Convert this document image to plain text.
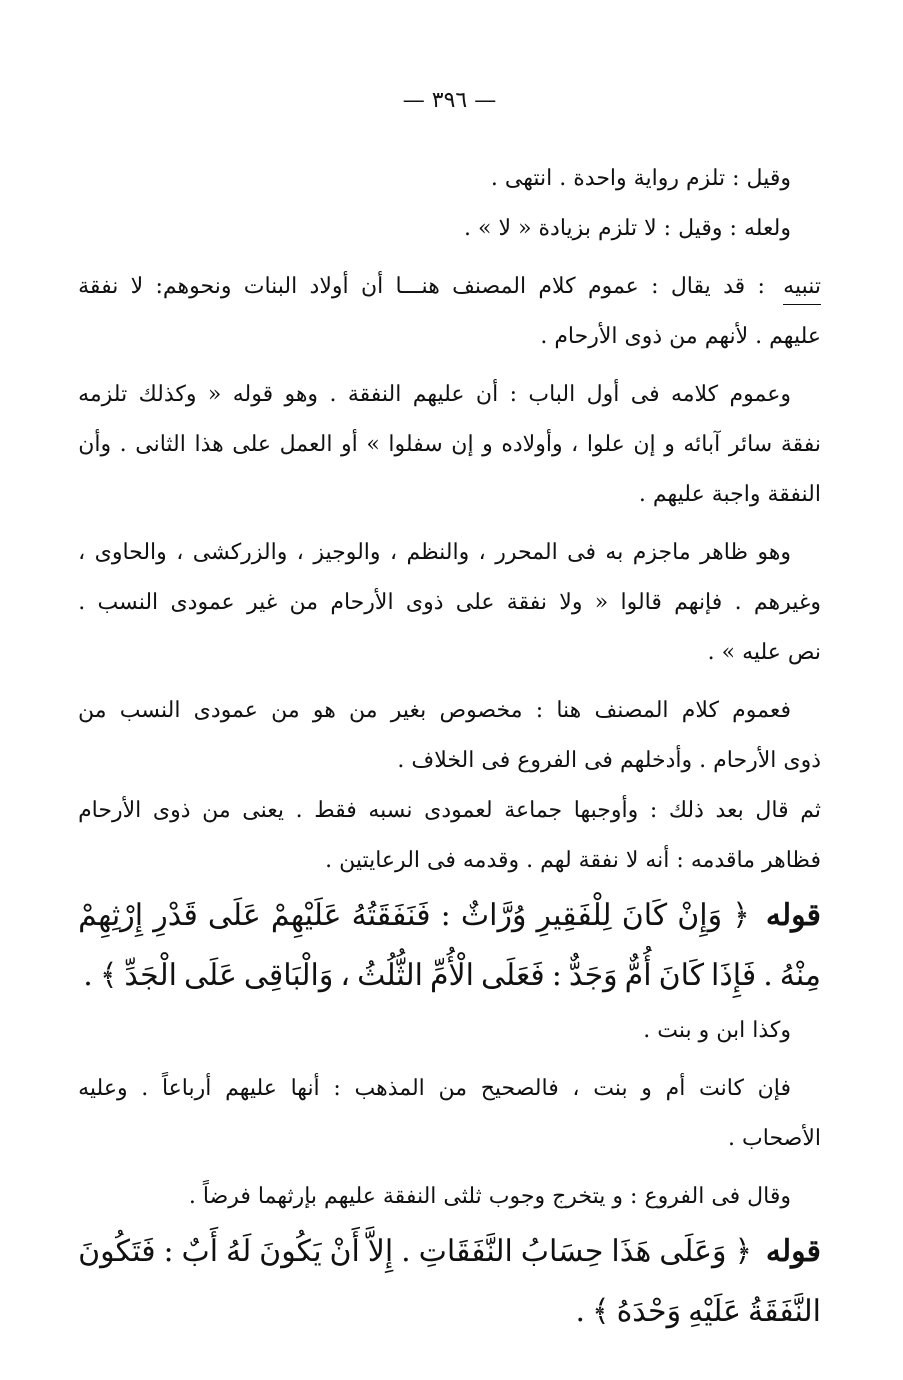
— ٣٩٦ —
وقيل
:
تلزم
رواية
واحدة
.
انتهى
.
ولعله
:
وقيل
:
لا
تلزم
بزيادة
«
لا
»
.
تنبيه
:
قد
يقال
:
عموم
كلام
المصنف
هنـــا
أن
أولاد
البنات
ونحوهم:
لا
نفقة
عليهم
.
لأنهم
من
ذوى
الأرحام
.
وعموم
كلامه
فى
أول
الباب
:
أن
عليهم
النفقة
.
وهو
قوله
«
وكذلك
تلزمه
نفقة
سائر
آبائه
و
إن
علوا
،
وأولاده
و
إن
سفلوا
»
أو
العمل
على
هذا
الثانى
.
وأن
النفقة
واجبة
عليهم
.
وهو
ظاهر
ماجزم
به
فى
المحرر
،
والنظم
،
والوجيز
،
والزركشى
،
والحاوى
،
وغيرهم
.
فإنهم
قالوا
«
ولا
نفقة
على
ذوى
الأرحام
من
غير
عمودى
النسب
.
نص
عليه
»
.
فعموم
كلام
المصنف
هنا
:
مخصوص
بغير
من
هو
من
عمودى
النسب
من
ذوى
الأرحام
.
وأدخلهم
فى
الفروع
فى
الخلاف
.
ثم
قال
بعد
ذلك
:
وأوجبها
جماعة
لعمودى
نسبه
فقط
.
يعنى
من
ذوى
الأرحام
فظاهر
ماقدمه
:
أنه
لا
نفقة
لهم
.
وقدمه
فى
الرعايتين
.
قوله
﴿
وَإِنْ
كَانَ
لِلْفَقِيرِ
وُرَّاثٌ
:
فَنَفَقَتُهُ
عَلَيْهِمْ
عَلَى
قَدْرِ
إِرْثِهِمْ
مِنْهُ
.
فَإِذَا
كَانَ
أُمٌّ
وَجَدٌّ
:
فَعَلَى
الْأُمِّ
الثُّلُثُ
،
وَالْبَاقِى
عَلَى
الْجَدِّ
﴾
.
وكذا
ابن
و
بنت
.
فإن
كانت
أم
و
بنت
،
فالصحيح
من
المذهب
:
أنها
عليهم
أرباعاً
.
وعليه
الأصحاب
.
وقال
فى
الفروع
:
و
يتخرج
وجوب
ثلثى
النفقة
عليهم
بإرثهما
فرضاً
.
قوله
﴿
وَعَلَى
هَذَا
حِسَابُ
النَّفَقَاتِ
.
إِلاَّ
أَنْ
يَكُونَ
لَهُ
أَبٌ
:
فَتَكُونَ
النَّفَقَةُ
عَلَيْهِ
وَحْدَهُ
﴾
.
